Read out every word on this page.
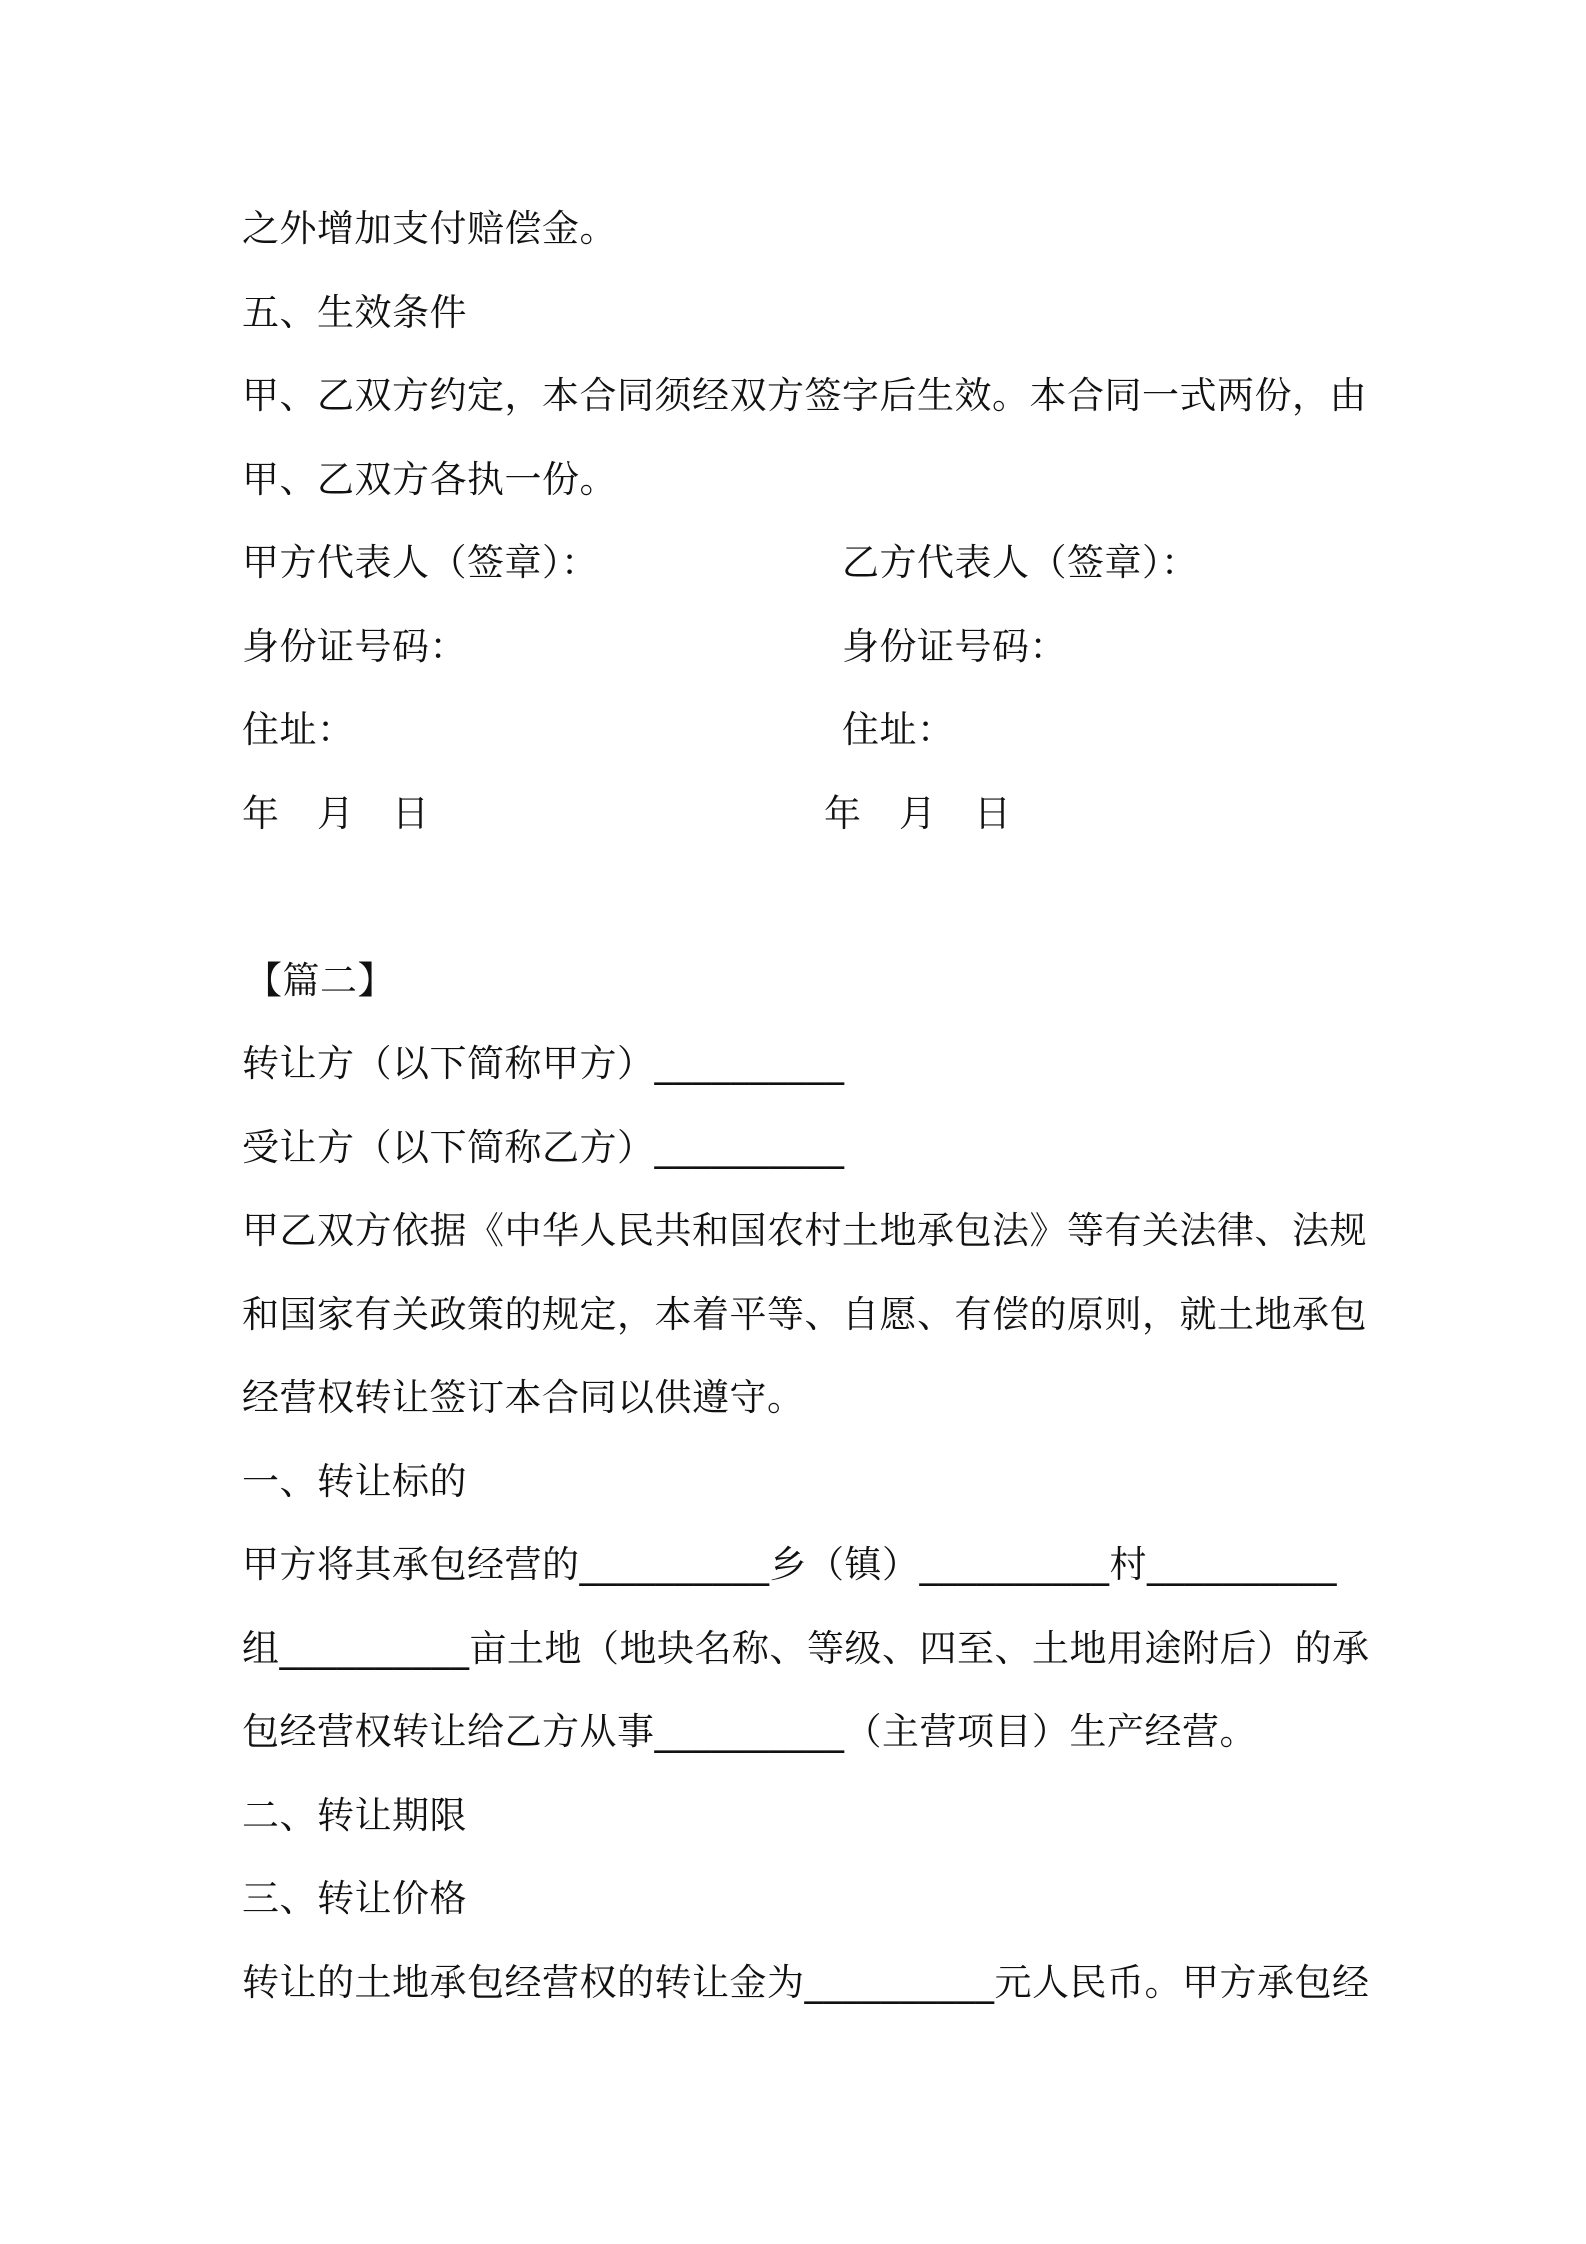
之外增加支付赔偿金。
五、生效条件
甲、乙双方约定，本合同须经双方签字后生效。本合同一式两份，由
甲、乙双方各执一份。
甲方代表人（签章）：	乙方代表人（签章）：
身份证号码：	身份证号码：
住址：	住址：
年　月　日	年　月　日
【篇二】
转让方（以下简称甲方）__________
受让方（以下简称乙方）__________
甲乙双方依据《中华人民共和国农村土地承包法》等有关法律、法规
和国家有关政策的规定，本着平等、自愿、有偿的原则，就土地承包
经营权转让签订本合同以供遵守。
一、转让标的
甲方将其承包经营的__________乡（镇）__________村__________
组__________亩土地（地块名称、等级、四至、土地用途附后）的承
包经营权转让给乙方从事__________（主营项目）生产经营。
二、转让期限
三、转让价格
转让的土地承包经营权的转让金为__________元人民币。甲方承包经
